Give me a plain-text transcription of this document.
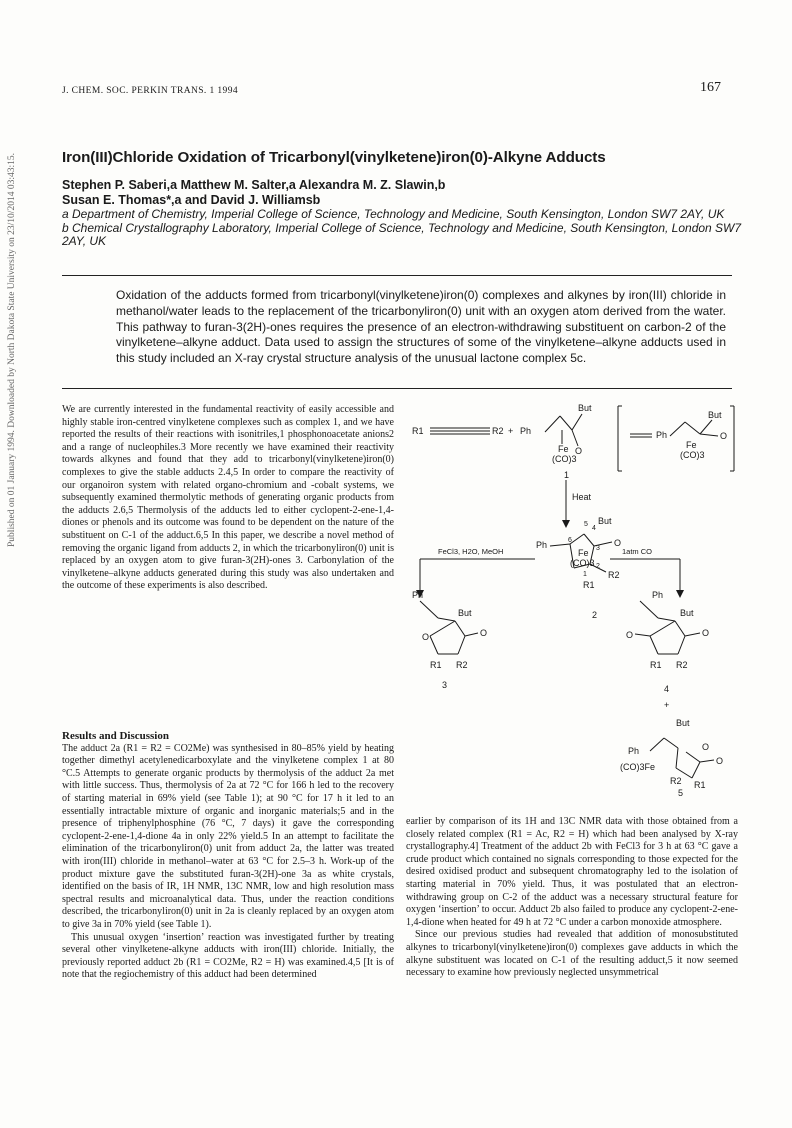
J. CHEM. SOC. PERKIN TRANS. 1 1994	167
Published on 01 January 1994. Downloaded by North Dakota State University on 23/10/2014 03:43:15.	Iron(III)Chloride Oxidation of Tricarbonyl(vinylketene)iron(0)-Alkyne Adducts
Stephen P. Saberi,a Matthew M. Salter,a Alexandra M. Z. Slawin,b
Susan E. Thomas*,a and David J. Williamsb
a Department of Chemistry, Imperial College of Science, Technology and Medicine, South Kensington, London SW7 2AY, UK
b Chemical Crystallography Laboratory, Imperial College of Science, Technology and Medicine, South Kensington, London SW7 2AY, UK
Oxidation of the adducts formed from tricarbonyl(vinylketene)iron(0) complexes and alkynes by iron(III) chloride in methanol/water leads to the replacement of the tricarbonyliron(0) unit with an oxygen atom derived from the water. This pathway to furan-3(2H)-ones requires the presence of an electron-withdrawing substituent on carbon-2 of the vinylketene–alkyne adduct. Data used to assign the structures of some of the vinylketene–alkyne adducts used in this study included an X-ray crystal structure analysis of the unusual lactone complex 5c.

We are currently interested in the fundamental reactivity of easily accessible and highly stable iron-centred vinylketene complexes such as complex 1, and we have reported the results of their reactions with isonitriles,1 phosphonoacetate anions2 and a range of nucleophiles.3 More recently we have examined their reactivity towards alkynes and found that they add to tricarbonyl(vinylketene)iron(0) complexes to give the stable adducts 2.4,5 In order to compare the reactivity of our organoiron system with related organo-chromium and -cobalt systems, we subsequently examined thermolytic methods of generating organic products from the adducts 2.6,5 Thermolysis of the adducts led to either cyclopent-2-ene-1,4-diones or phenols and its outcome was found to be dependent on the nature of the substituent on C-1 of the adduct.6,5 In this paper, we describe a novel method of removing the organic ligand from adducts 2, in which the tricarbonyliron(0) unit is replaced by an oxygen atom to give furan-3(2H)-ones 3. Carbonylation of the vinylketene–alkyne adducts generated during this study was also undertaken and the outcome of these experiments is also described.

Results and Discussion

The adduct 2a (R1 = R2 = CO2Me) was synthesised in 80–85% yield by heating together dimethyl acetylenedicarboxylate and the vinylketene complex 1 at 80 °C.5 Attempts to generate organic products by thermolysis of the adduct 2a met with little success. Thus, thermolysis of 2a at 72 °C for 166 h led to the recovery of starting material in 69% yield (see Table 1); at 90 °C for 17 h it led to an essentially intractable mixture of organic and inorganic materials;5 and in the presence of triphenylphosphine (76 °C, 7 days) it gave the corresponding cyclopent-2-ene-1,4-dione 4a in only 22% yield.5 In an attempt to facilitate the elimination of the tricarbonyliron(0) unit from adduct 2a, the latter was treated with iron(III) chloride in methanol–water at 63 °C for 2.5–3 h. Work-up of the product mixture gave the substituted furan-3(2H)-one 3a as white crystals, identified on the basis of IR, 1H NMR, 13C NMR, low and high resolution mass spectral results and microanalytical data. Thus, under the reaction conditions described, the tricarbonyliron(0) unit in 2a is cleanly replaced by an oxygen atom to give 3a in 70% yield (see Table 1).

This unusual oxygen ‘insertion’ reaction was investigated further by treating several other vinylketene-alkyne adducts with iron(III) chloride. Initially, the previously reported adduct 2b (R1 = CO2Me, R2 = H) was examined.4,5 [It is of note that the regiochemistry of this adduct had been determined

earlier by comparison of its 1H and 13C NMR data with those obtained from a closely related complex (R1 = Ac, R2 = H) which had been analysed by X-ray crystallography.4] Treatment of the adduct 2b with FeCl3 for 3 h at 63 °C gave a crude product which contained no signals corresponding to those expected for the desired oxidised product and subsequent chromatography led to the isolation of starting material in 70% yield. Thus, it was postulated that an electron-withdrawing group on C-2 of the adduct was a necessary structural feature for oxygen ‘insertion’ to occur. Adduct 2b also failed to produce any cyclopent-2-ene-1,4-dione when heated for 49 h at 72 °C under a carbon monoxide atmosphere.

Since our previous studies had revealed that addition of monosubstituted alkynes to tricarbonyl(vinylketene)iron(0) complexes gave adducts in which the alkyne substituent was located on C-1 of the resulting adduct,5 it now seemed necessary to examine how previously neglected unsymmetrical

R1	R2 + Ph
But
Fe O
(CO)3
1
Ph
But
O
Fe
(CO)3
Heat
Ph
5
4
But
6
3
O
Fe
2
(CO)3
1 R2
R1
2
FeCl3, H2O, MeOH	1atm CO
Ph
But
O	O
R1 R2
3
Ph
But
O	O
R1 R2
4
+
But
Ph	O
O
(CO)3Fe
R2 R1
5
